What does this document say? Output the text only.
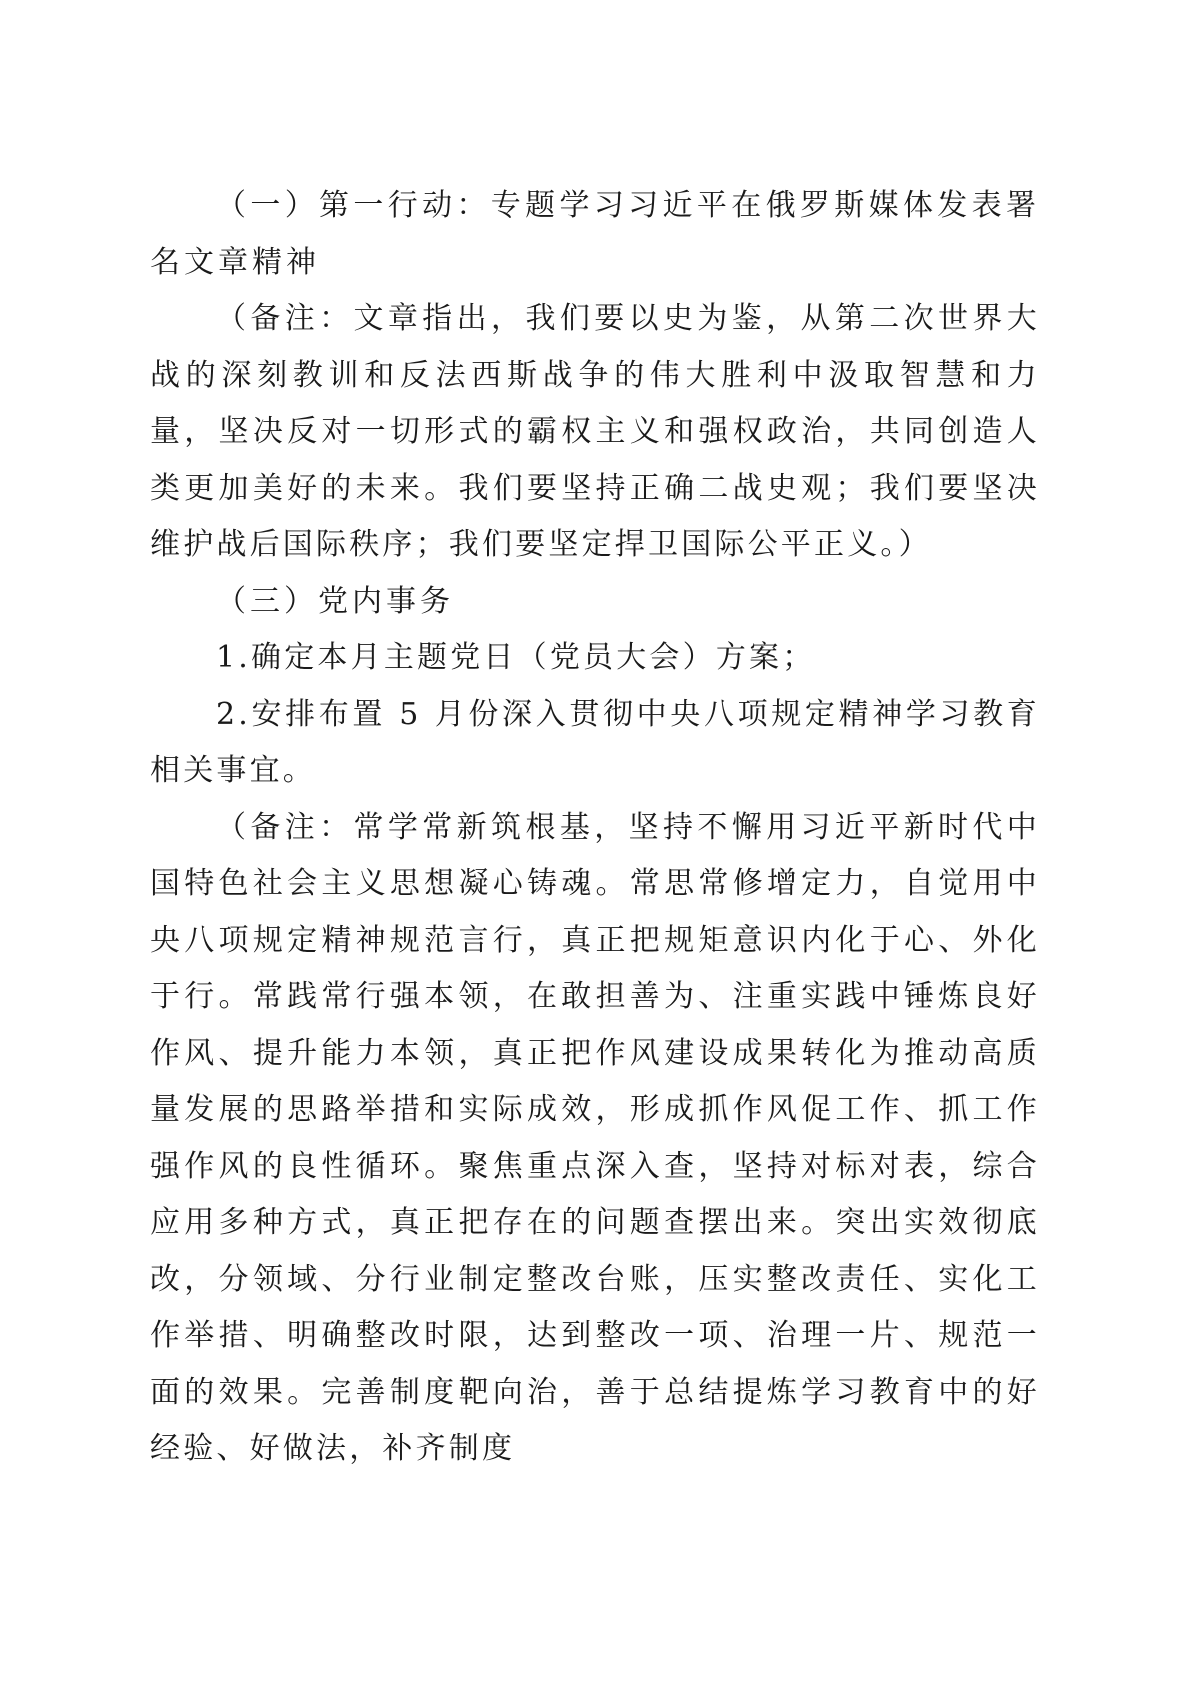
（一）第一行动：专题学习习近平在俄罗斯媒体发表署名文章精神

（备注：文章指出，我们要以史为鉴，从第二次世界大战的深刻教训和反法西斯战争的伟大胜利中汲取智慧和力量，坚决反对一切形式的霸权主义和强权政治，共同创造人类更加美好的未来。我们要坚持正确二战史观；我们要坚决维护战后国际秩序；我们要坚定捍卫国际公平正义。）

（三）党内事务

1.确定本月主题党日（党员大会）方案；

2.安排布置 5 月份深入贯彻中央八项规定精神学习教育相关事宜。

（备注：常学常新筑根基，坚持不懈用习近平新时代中国特色社会主义思想凝心铸魂。常思常修增定力，自觉用中央八项规定精神规范言行，真正把规矩意识内化于心、外化于行。常践常行强本领，在敢担善为、注重实践中锤炼良好作风、提升能力本领，真正把作风建设成果转化为推动高质量发展的思路举措和实际成效，形成抓作风促工作、抓工作强作风的良性循环。聚焦重点深入查，坚持对标对表，综合应用多种方式，真正把存在的问题查摆出来。突出实效彻底改，分领域、分行业制定整改台账，压实整改责任、实化工作举措、明确整改时限，达到整改一项、治理一片、规范一面的效果。完善制度靶向治，善于总结提炼学习教育中的好经验、好做法，补齐制度
